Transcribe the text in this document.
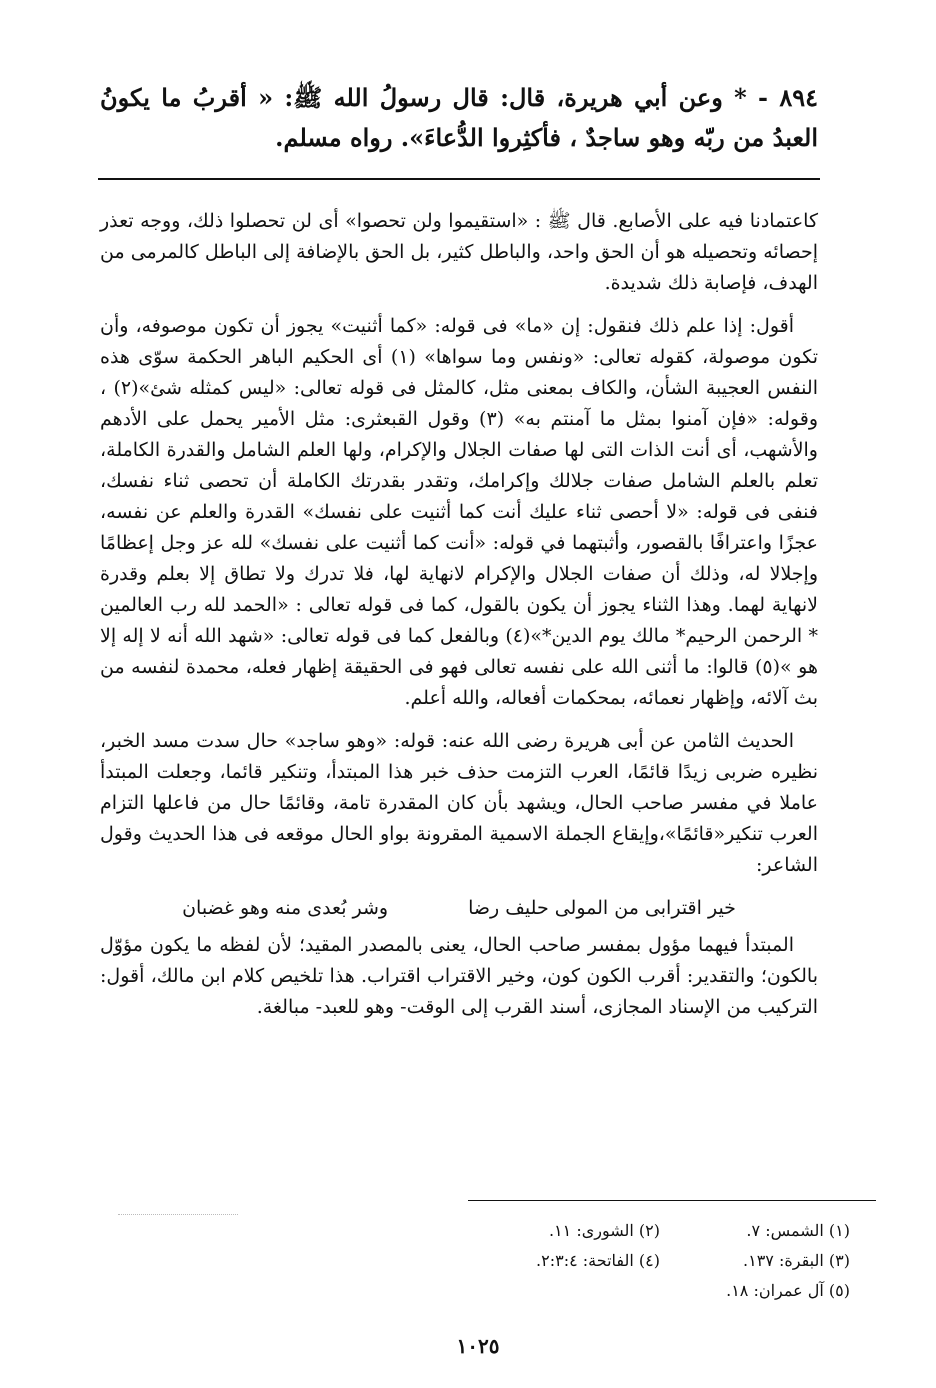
٨٩٤ - * وعن أبي هريرة، قال: قال رسولُ الله ﷺ: « أقربُ ما يكونُ العبدُ من ربّه وهو ساجدٌ ، فأكثِروا الدُّعاءَ». رواه مسلم.

كاعتمادنا فيه على الأصابع. قال ﷺ : «استقيموا ولن تحصوا» أى لن تحصلوا ذلك، ووجه تعذر إحصائه وتحصيله هو أن الحق واحد، والباطل كثير، بل الحق بالإضافة إلى الباطل كالمرمى من الهدف، فإصابة ذلك شديدة.

أقول: إذا علم ذلك فنقول: إن «ما» فى قوله: «كما أثنيت» يجوز أن تكون موصوفه، وأن تكون موصولة، كقوله تعالى: «ونفس وما سواها» (١) أى الحكيم الباهر الحكمة سوّى هذه النفس العجيبة الشأن، والكاف بمعنى مثل، كالمثل فى قوله تعالى: «ليس كمثله شئ»(٢) ، وقوله: «فإن آمنوا بمثل ما آمنتم به» (٣) وقول القبعثرى: مثل الأمير يحمل على الأدهم والأشهب، أى أنت الذات التى لها صفات الجلال والإكرام، ولها العلم الشامل والقدرة الكاملة، تعلم بالعلم الشامل صفات جلالك وإكرامك، وتقدر بقدرتك الكاملة أن تحصى ثناء نفسك، فنفى فى قوله: «لا أحصى ثناء عليك أنت كما أثنيت على نفسك» القدرة والعلم عن نفسه، عجزًا واعترافًا بالقصور، وأثبتهما في قوله: «أنت كما أثنيت على نفسك» لله عز وجل إعظامًا وإجلالا له، وذلك أن صفات الجلال والإكرام لانهاية لها، فلا تدرك ولا تطاق إلا بعلم وقدرة لانهاية لهما. وهذا الثناء يجوز أن يكون بالقول، كما فى قوله تعالى : «الحمد لله رب العالمين * الرحمن الرحيم* مالك يوم الدين*»(٤) وبالفعل كما فى قوله تعالى: «شهد الله أنه لا إله إلا هو »(٥) قالوا: ما أثنى الله على نفسه تعالى فهو فى الحقيقة إظهار فعله، محمدة لنفسه من بث آلائه، وإظهار نعمائه، بمحكمات أفعاله، والله أعلم.

الحديث الثامن عن أبى هريرة رضى الله عنه: قوله: «وهو ساجد» حال سدت مسد الخبر، نظيره ضربى زيدًا قائمًا، العرب التزمت حذف خبر هذا المبتدأ، وتنكير قائما، وجعلت المبتدأ عاملا في مفسر صاحب الحال، ويشهد بأن كان المقدرة تامة، وقائمًا حال من فاعلها التزام العرب تنكير«قائمًا»،وإيقاع الجملة الاسمية المقرونة بواو الحال موقعه فى هذا الحديث وقول الشاعر:

خير اقترابى من المولى حليف رضا
وشر بُعدى منه وهو غضبان

المبتدأ فيهما مؤول بمفسر صاحب الحال، يعنى بالمصدر المقيد؛ لأن لفظه ما يكون مؤوّل بالكون؛ والتقدير: أقرب الكون كون، وخير الاقتراب اقتراب. هذا تلخيص كلام ابن مالك، أقول: التركيب من الإسناد المجازى، أسند القرب إلى الوقت- وهو للعبد- مبالغة.

(١) الشمس: ٧.
(٢) الشورى: ١١.
(٣) البقرة: ١٣٧.
(٤) الفاتحة: ٢:٣:٤.
(٥) آل عمران: ١٨.
١٠٢٥
